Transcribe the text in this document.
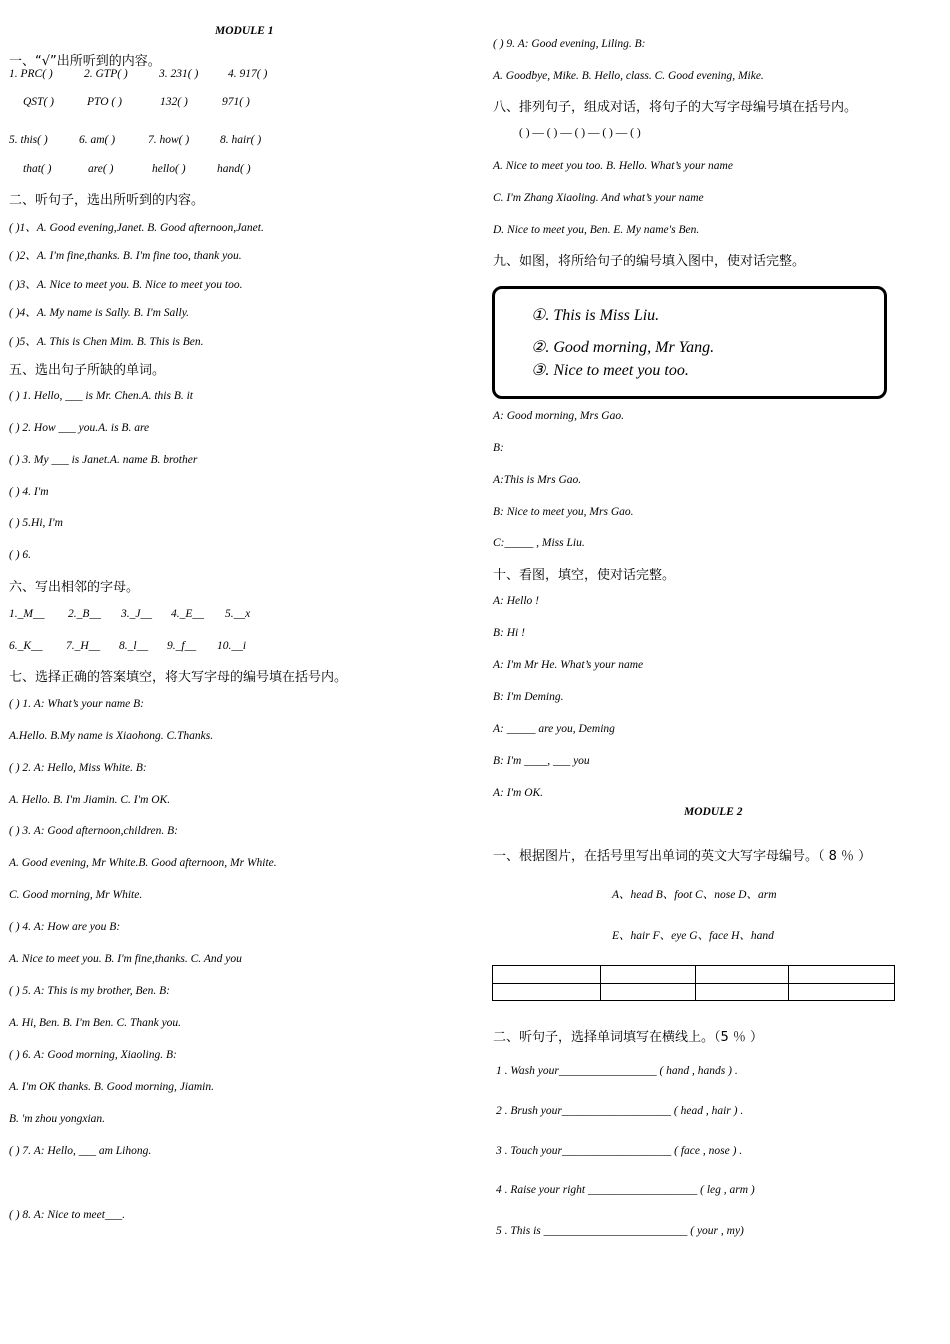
MODULE 1
一、“√”出所听到的内容。
1. PRC( )	2. GTP( )	3. 231( )	4. 917( )
QST( )	PTO ( )	132( )	971( )
5. this( )	6. am( )	7. how( )	8. hair( )
that( )	are( )	hello( )	hand( )
二、听句子，选出所听到的内容。
( )1、A. Good evening,Janet. B. Good afternoon,Janet.
( )2、A. I'm fine,thanks. B. I'm fine too, thank you.
( )3、A. Nice to meet you. B. Nice to meet you too.
( )4、A. My name is Sally. B. I'm Sally.
( )5、A. This is Chen Mim. B. This is Ben.
五、选出句子所缺的单词。
( ) 1. Hello, ___ is Mr. Chen.A. this B. it
( ) 2. How ___ you.A. is B. are
( ) 3. My ___ is Janet.A. name B. brother
( ) 4. I'm
( ) 5.Hi, I'm
( ) 6.
六、写出相邻的字母。
1._M__ 2._B__ 3._J__ 4._E__ 5.__x
6._K__ 7._H__ 8._l__ 9._f__ 10.__i
七、选择正确的答案填空，将大写字母的编号填在括号内。
( ) 1. A: What’s your name B:
A.Hello. B.My name is Xiaohong. C.Thanks.
( ) 2. A: Hello, Miss White. B:
A. Hello. B. I'm Jiamin. C. I'm OK.
( ) 3. A: Good afternoon,children. B:
A. Good evening, Mr White.B. Good afternoon, Mr White.
C. Good morning, Mr White.
( ) 4. A: How are you B:
A. Nice to meet you. B. I'm fine,thanks. C. And you
( ) 5. A: This is my brother, Ben. B:
A. Hi, Ben. B. I'm Ben. C. Thank you.
( ) 6. A: Good morning, Xiaoling. B:
A. I'm OK thanks. B. Good morning, Jiamin.
B. 'm zhou yongxian.
( ) 7. A: Hello, ___ am Lihong.
( ) 8. A: Nice to meet___.
( ) 9. A: Good evening, Liling. B:
A. Goodbye, Mike. B. Hello, class. C. Good evening, Mike.
八、排列句子，组成对话，将句子的大写字母编号填在括号内。
( ) — ( ) — ( ) — ( ) — ( )
A. Nice to meet you too. B. Hello. What’s your name
C. I'm Zhang Xiaoling. And what’s your name
D. Nice to meet you, Ben. E. My name's Ben.
九、如图，将所给句子的编号填入图中，使对话完整。
①. This is Miss Liu.
②. Good morning, Mr Yang.
③. Nice to meet you too.
A: Good morning, Mrs Gao.
B:
A:This is Mrs Gao.
B: Nice to meet you, Mrs Gao.
C:_____ , Miss Liu.
十、看图，填空，使对话完整。
A: Hello !
B: Hi !
A: I'm Mr He. What’s your name
B: I'm Deming.
A: _____ are you, Deming
B: I'm ____, ___ you
A: I'm OK.
MODULE 2
一、根据图片，在括号里写出单词的英文大写字母编号。（ 8 ％ ）
A、head B、foot C、nose D、arm
E、hair F、eye G、face H、hand

二、听句子，选择单词填写在横线上。（5 ％ ）
1 . Wash your_________________ ( hand , hands ) .
2 . Brush your___________________ ( head , hair ) .
3 . Touch your___________________ ( face , nose ) .
4 . Raise your right ___________________ ( leg , arm )
5 . This is _________________________ ( your , my)
